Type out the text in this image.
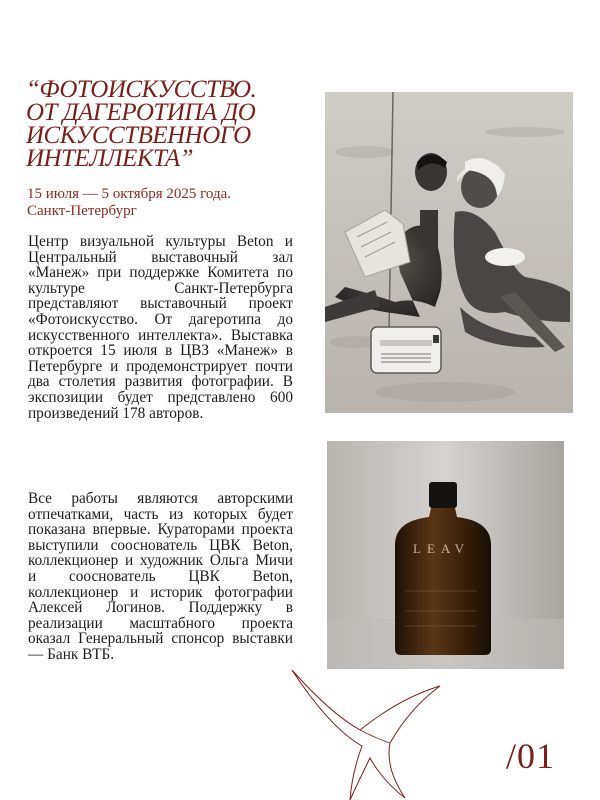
“ФОТОИСКУССТВО.
ОТ ДАГЕРОТИПА ДО
ИСКУССТВЕННОГО
ИНТЕЛЛЕКТА”
15 июля — 5 октября 2025 года.
Санкт-Петербург

Центр визуальной культуры Beton и Центральный выставочный зал «Манеж» при поддержке Комитета по культуре Санкт-Петербурга представляют выставочный проект «Фотоискусство. От дагеротипа до искусственного интеллекта». Выставка откроется 15 июля в ЦВЗ «Манеж» в Петербурге и продемонстрирует почти два столетия развития фотографии. В экспозиции будет представлено 600 произведений 178 авторов.

Все работы являются авторскими отпечатками, часть из которых будет показана впервые. Кураторами проекта выступили сооснователь ЦВК Beton, коллекционер и художник Ольга Мичи и сооснователь ЦВК Beton, коллекционер и историк фотографии Алексей Логинов. Поддержку в реализации масштабного проекта оказал Генеральный спонсор выставки — Банк ВТБ.

LEAV
/01
